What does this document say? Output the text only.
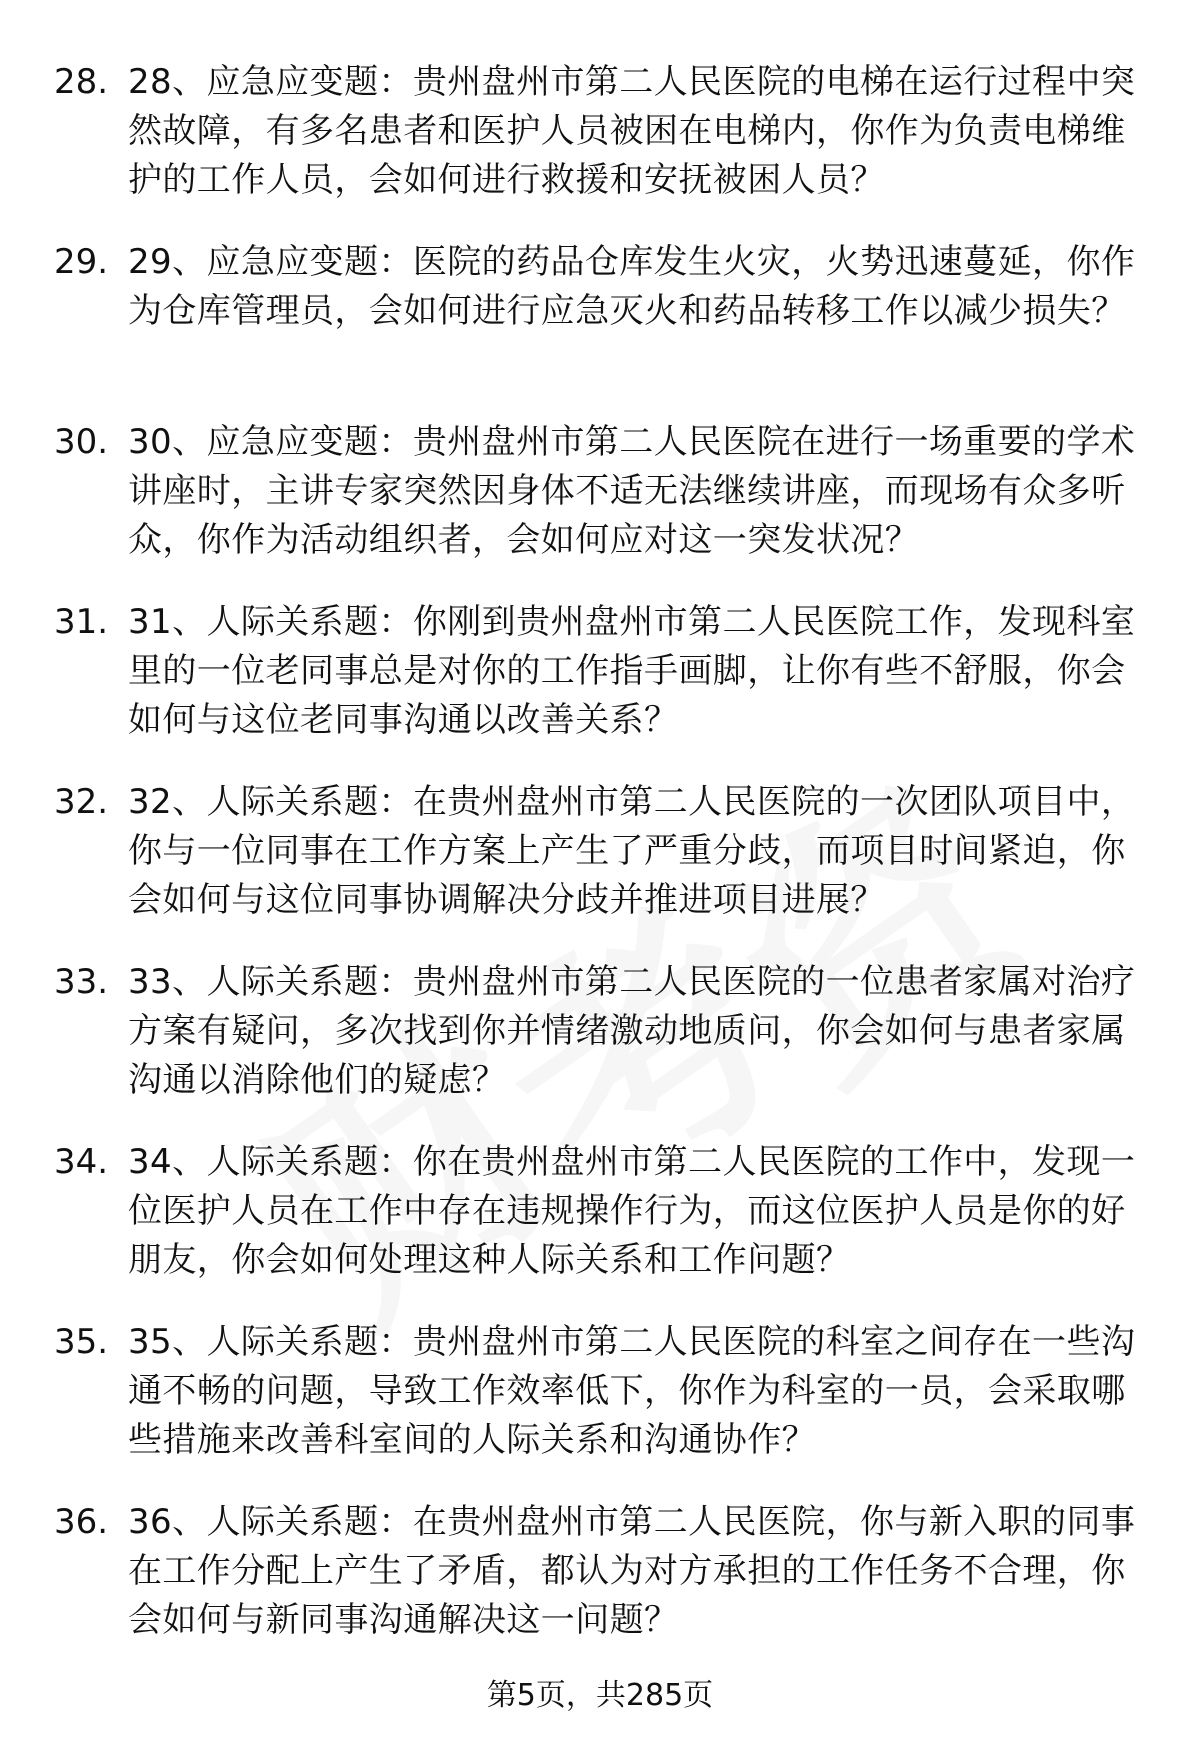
28. 28、应急应变题：贵州盘州市第二人民医院的电梯在运行过程中突然故障，有多名患者和医护人员被困在电梯内，你作为负责电梯维护的工作人员，会如何进行救援和安抚被困人员？
29. 29、应急应变题：医院的药品仓库发生火灾，火势迅速蔓延，你作为仓库管理员，会如何进行应急灭火和药品转移工作以减少损失？
30. 30、应急应变题：贵州盘州市第二人民医院在进行一场重要的学术讲座时，主讲专家突然因身体不适无法继续讲座，而现场有众多听众，你作为活动组织者，会如何应对这一突发状况？
31. 31、人际关系题：你刚到贵州盘州市第二人民医院工作，发现科室里的一位老同事总是对你的工作指手画脚，让你有些不舒服，你会如何与这位老同事沟通以改善关系？
32. 32、人际关系题：在贵州盘州市第二人民医院的一次团队项目中，你与一位同事在工作方案上产生了严重分歧，而项目时间紧迫，你会如何与这位同事协调解决分歧并推进项目进展？
33. 33、人际关系题：贵州盘州市第二人民医院的一位患者家属对治疗方案有疑问，多次找到你并情绪激动地质问，你会如何与患者家属沟通以消除他们的疑虑？
34. 34、人际关系题：你在贵州盘州市第二人民医院的工作中，发现一位医护人员在工作中存在违规操作行为，而这位医护人员是你的好朋友，你会如何处理这种人际关系和工作问题？
35. 35、人际关系题：贵州盘州市第二人民医院的科室之间存在一些沟通不畅的问题，导致工作效率低下，你作为科室的一员，会采取哪些措施来改善科室间的人际关系和沟通协作？
36. 36、人际关系题：在贵州盘州市第二人民医院，你与新入职的同事在工作分配上产生了矛盾，都认为对方承担的工作任务不合理，你会如何与新同事沟通解决这一问题？
第5页，共285页
